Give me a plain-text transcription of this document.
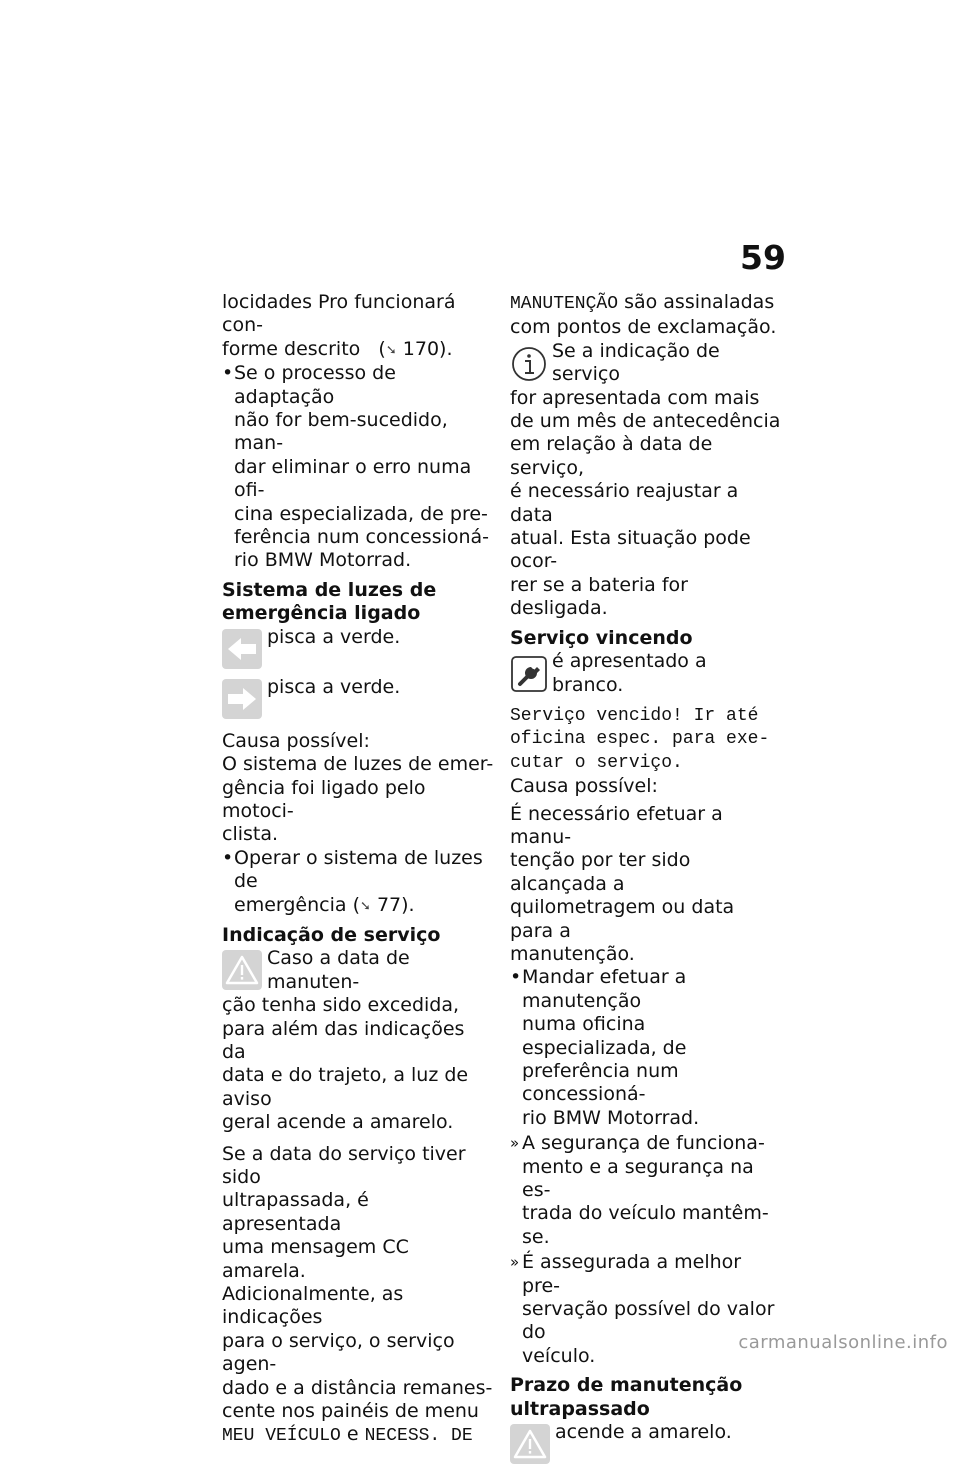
59

locidades Pro funcionará con-

forme descrito   (➘ 170).

• Se o processo de adaptação

não for bem-sucedido, man-

dar eliminar o erro numa ofi-

cina especializada, de pre-

ferência num concessioná-

rio BMW Motorrad.

Sistema de luzes de

emergência ligado

pisca a verde.

pisca a verde.

Causa possível:

O sistema de luzes de emer-

gência foi ligado pelo motoci-

clista.

• Operar o sistema de luzes de

emergência (➘ 77).

Indicação de serviço

Caso a data de manuten-

ção tenha sido excedida,

para além das indicações da

data e do trajeto, a luz de aviso

geral acende a amarelo.

Se a data do serviço tiver sido

ultrapassada, é apresentada

uma mensagem CC amarela.

Adicionalmente, as indicações

para o serviço, o serviço agen-

dado e a distância remanes-

cente nos painéis de menu

MEU VEÍCULO e NECESS. DE

MANUTENÇÃO são assinaladas

com pontos de exclamação.

Se a indicação de serviço

for apresentada com mais

de um mês de antecedência

em relação à data de serviço,

é necessário reajustar a data

atual. Esta situação pode ocor-

rer se a bateria for desligada.

Serviço vincendo

é apresentado a branco.

Serviço vencido! Ir até

oficina espec. para exe-

cutar o serviço.

Causa possível:

É necessário efetuar a manu-

tenção por ter sido alcançada a

quilometragem ou data para a

manutenção.

• Mandar efetuar a manutenção

numa oficina especializada, de

preferência num concessioná-

rio BMW Motorrad.

» A segurança de funciona-

mento e a segurança na es-

trada do veículo mantêm-se.

» É assegurada a melhor pre-

servação possível do valor do

veículo.

Prazo de manutenção

ultrapassado

acende a amarelo.

carmanualsonline.info
